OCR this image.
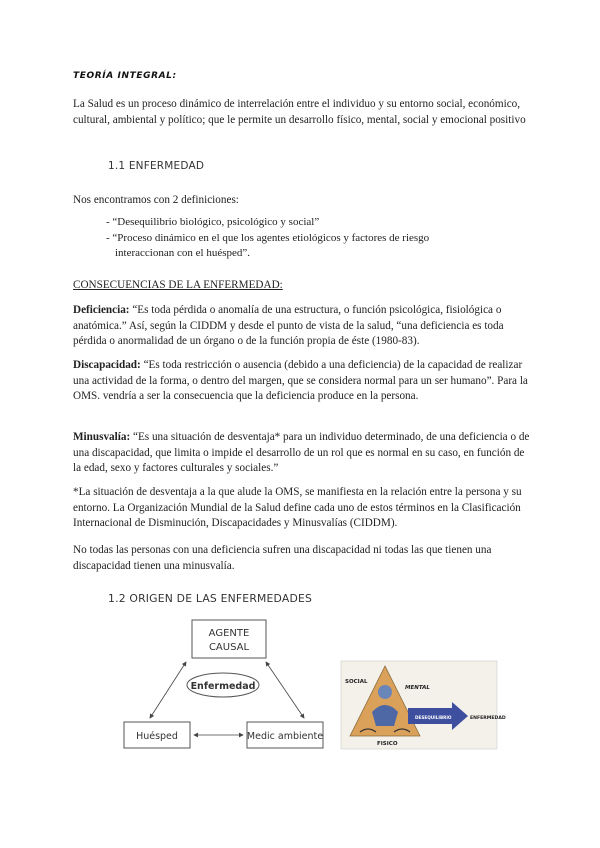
TEORÍA INTEGRAL:

La Salud es un proceso dinámico de interrelación entre el individuo y su entorno social, económico, cultural, ambiental y político; que le permite un desarrollo físico, mental, social y emocional positivo

1.1 ENFERMEDAD

Nos encontramos con 2 definiciones:

- “Desequilibrio biológico, psicológico y social”
- “Proceso dinámico en el que los agentes etiológicos y factores de riesgo
interaccionan con el huésped”.
CONSECUENCIAS DE LA ENFERMEDAD:

Deficiencia: “Es toda pérdida o anomalía de una estructura, o función psicológica, fisiológica o anatómica.” Así, según la CIDDM y desde el punto de vista de la salud, “una deficiencia es toda pérdida o anormalidad de un órgano o de la función propia de éste (1980-83).

Discapacidad: “Es toda restricción o ausencia (debido a una deficiencia) de la capacidad de realizar una actividad de la forma, o dentro del margen, que se considera normal para un ser humano”. Para la OMS. vendría a ser la consecuencia que la deficiencia produce en la persona.

Minusvalía: “Es una situación de desventaja* para un individuo determinado, de una deficiencia o de una discapacidad, que limita o impide el desarrollo de un rol que es normal en su caso, en función de la edad, sexo y factores culturales y sociales.”

*La situación de desventaja a la que alude la OMS, se manifiesta en la relación entre la persona y su entorno. La Organización Mundial de la Salud define cada uno de estos términos en la Clasificación Internacional de Disminución, Discapacidades y Minusvalías (CIDDM).

No todas las personas con una deficiencia sufren una discapacidad ni todas las que tienen una discapacidad tienen una minusvalía.

1.2 ORIGEN DE LAS ENFERMEDADES
AGENTE
CAUSAL
Enfermedad
Huésped	Medic ambiente
SOCIAL
MENTAL
FISICO
DESEQUILIBRIO	ENFERMEDAD
